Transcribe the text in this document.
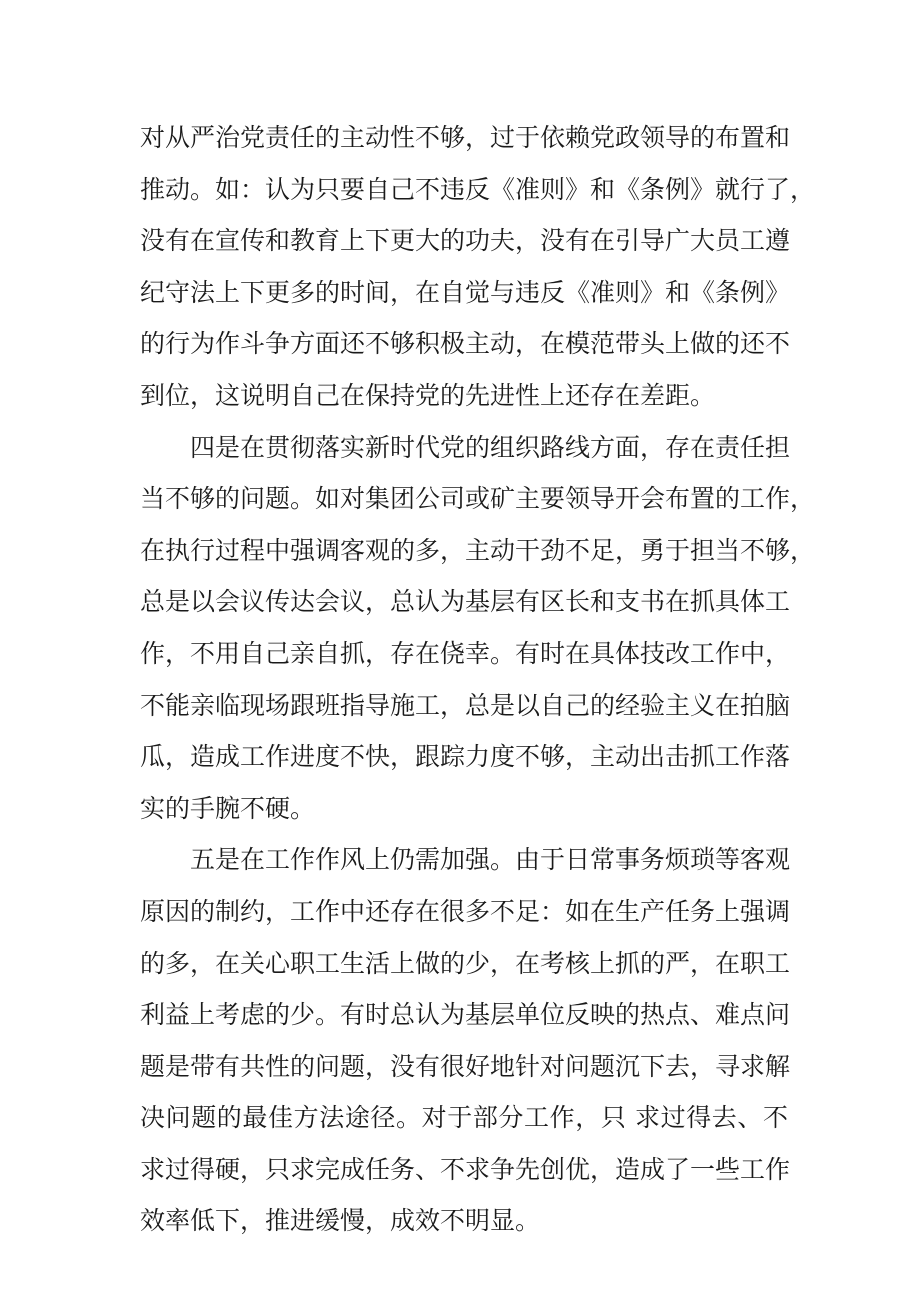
对从严治党责任的主动性不够，过于依赖党政领导的布置和
推动。如：认为只要自己不违反《准则》和《条例》就行了，
没有在宣传和教育上下更大的功夫，没有在引导广大员工遵
纪守法上下更多的时间，在自觉与违反《准则》和《条例》
的行为作斗争方面还不够积极主动，在模范带头上做的还不
到位，这说明自己在保持党的先进性上还存在差距。
四是在贯彻落实新时代党的组织路线方面，存在责任担
当不够的问题。如对集团公司或矿主要领导开会布置的工作，
在执行过程中强调客观的多，主动干劲不足，勇于担当不够，
总是以会议传达会议，总认为基层有区长和支书在抓具体工
作，不用自己亲自抓，存在侥幸。有时在具体技改工作中，
不能亲临现场跟班指导施工，总是以自己的经验主义在拍脑
瓜，造成工作进度不快，跟踪力度不够，主动出击抓工作落
实的手腕不硬。
五是在工作作风上仍需加强。由于日常事务烦琐等客观
原因的制约，工作中还存在很多不足：如在生产任务上强调
的多，在关心职工生活上做的少，在考核上抓的严，在职工
利益上考虑的少。有时总认为基层单位反映的热点、难点问
题是带有共性的问题，没有很好地针对问题沉下去，寻求解
决问题的最佳方法途径。对于部分工作，只 求过得去、不
求过得硬，只求完成任务、不求争先创优，造成了一些工作
效率低下，推进缓慢，成效不明显。
